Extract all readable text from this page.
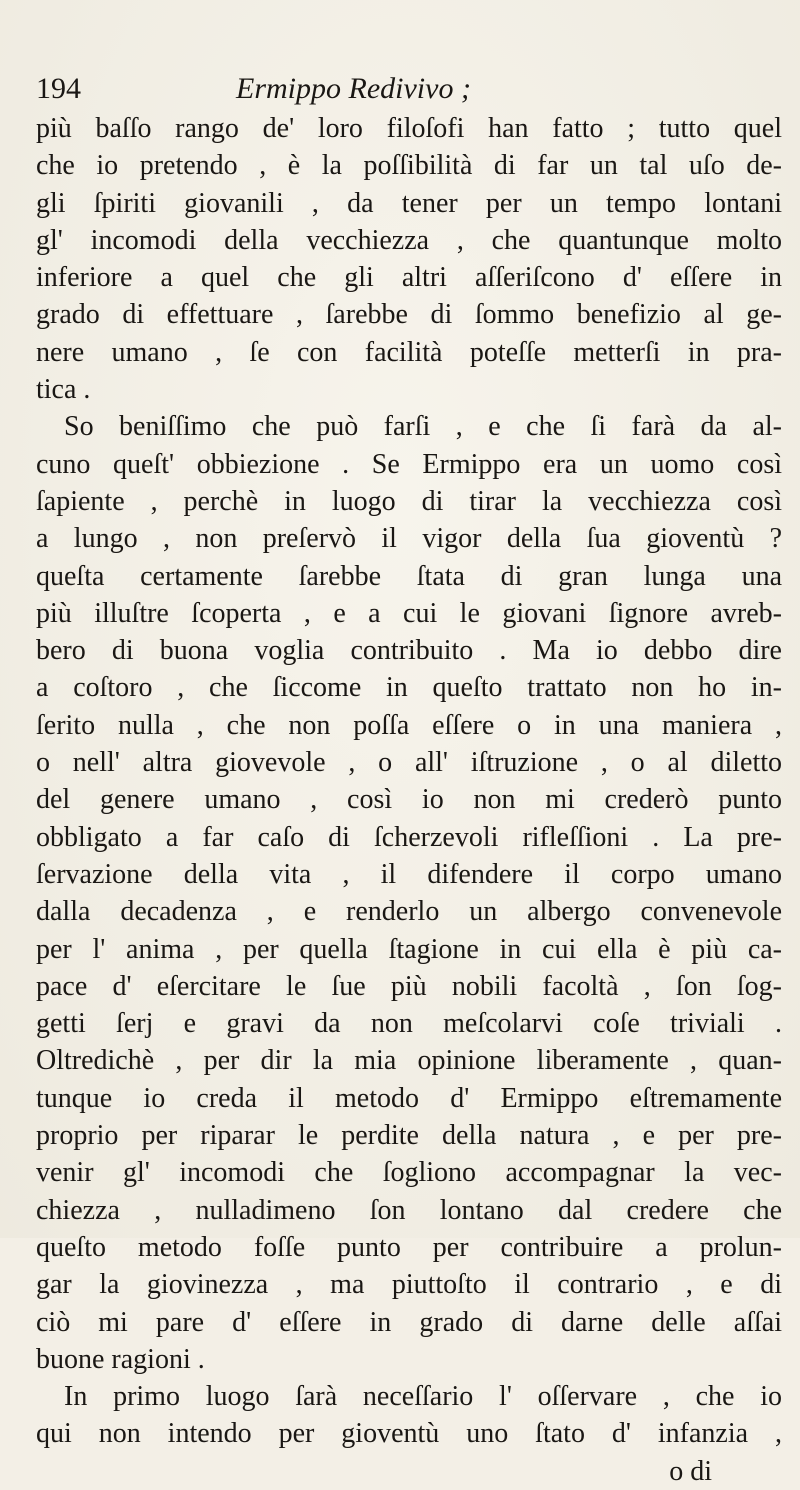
194	Ermippo Redivivo ;
più baſſo rango de' loro filoſofi han fatto ; tutto quel
che io pretendo , è la poſſibilità di far un tal uſo de-
gli ſpiriti giovanili , da tener per un tempo lontani
gl' incomodi della vecchiezza , che quantunque molto
inferiore a quel che gli altri aſſeriſcono d' eſſere in
grado di effettuare , ſarebbe di ſommo benefizio al ge-
nere umano , ſe con facilità poteſſe metterſi in pra-
tica .
So beniſſimo che può farſi , e che ſi farà da al-
cuno queſt' obbiezione . Se Ermippo era un uomo così
ſapiente , perchè in luogo di tirar la vecchiezza così
a lungo , non preſervò il vigor della ſua gioventù ?
queſta certamente ſarebbe ſtata di gran lunga una
più illuſtre ſcoperta , e a cui le giovani ſignore avreb-
bero di buona voglia contribuito . Ma io debbo dire
a coſtoro , che ſiccome in queſto trattato non ho in-
ſerito nulla , che non poſſa eſſere o in una maniera ,
o nell' altra giovevole , o all' iſtruzione , o al diletto
del genere umano , così io non mi crederò punto
obbligato a far caſo di ſcherzevoli rifleſſioni . La pre-
ſervazione della vita , il difendere il corpo umano
dalla decadenza , e renderlo un albergo convenevole
per l' anima , per quella ſtagione in cui ella è più ca-
pace d' eſercitare le ſue più nobili facoltà , ſon ſog-
getti ſerj e gravi da non meſcolarvi coſe triviali .
Oltredichè , per dir la mia opinione liberamente , quan-
tunque io creda il metodo d' Ermippo eſtremamente
proprio per riparar le perdite della natura , e per pre-
venir gl' incomodi che ſogliono accompagnar la vec-
chiezza , nulladimeno ſon lontano dal credere che
queſto metodo foſſe punto per contribuire a prolun-
gar la giovinezza , ma piuttoſto il contrario , e di
ciò mi pare d' eſſere in grado di darne delle aſſai
buone ragioni .
In primo luogo ſarà neceſſario l' oſſervare , che io
qui non intendo per gioventù uno ſtato d' infanzia ,
o di
